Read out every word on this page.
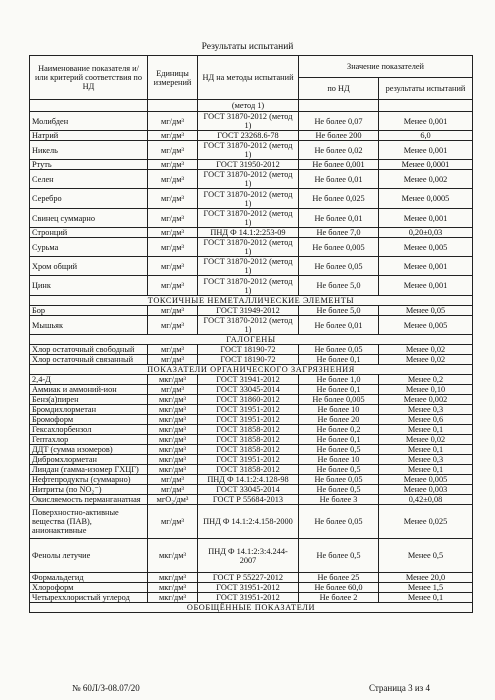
Результаты испытаний
Наименование показателя и/или критерий соответствия по НД	Единицы измерений	НД на методы испытаний	Значение показателей	
			по НД	результаты испытаний
		(метод 1)		
Молибден	мг/дм³	ГОСТ 31870-2012 (метод 1)	Не более 0,07	Менее 0,001
Натрий	мг/дм³	ГОСТ 23268.6-78	Не более 200	6,0
Никель	мг/дм³	ГОСТ 31870-2012 (метод 1)	Не более 0,02	Менее 0,001
Ртуть	мг/дм³	ГОСТ 31950-2012	Не более 0,001	Менее 0,0001
Селен	мг/дм³	ГОСТ 31870-2012 (метод 1)	Не более 0,01	Менее 0,002
Серебро	мг/дм³	ГОСТ 31870-2012 (метод 1)	Не более 0,025	Менее 0,0005
Свинец суммарно	мг/дм³	ГОСТ 31870-2012 (метод 1)	Не более 0,01	Менее 0,001
Стронций	мг/дм³	ПНД Ф 14.1:2:253-09	Не более 7,0	0,20±0,03
Сурьма	мг/дм³	ГОСТ 31870-2012 (метод 1)	Не более 0,005	Менее 0,005
Хром общий	мг/дм³	ГОСТ 31870-2012 (метод 1)	Не более 0,05	Менее 0,001
Цинк	мг/дм³	ГОСТ 31870-2012 (метод 1)	Не более 5,0	Менее 0,001
ТОКСИЧНЫЕ НЕМЕТАЛЛИЧЕСКИЕ ЭЛЕМЕНТЫ				
Бор	мг/дм³	ГОСТ 31949-2012	Не более 5,0	Менее 0,05
Мышьяк	мг/дм³	ГОСТ 31870-2012 (метод 1)	Не более 0,01	Менее 0,005
ГАЛОГЕНЫ				
Хлор остаточный свободный	мг/дм³	ГОСТ 18190-72	Не более 0,05	Менее 0,02
Хлор остаточный связанный	мг/дм³	ГОСТ 18190-72	Не более 0,1	Менее 0,02
ПОКАЗАТЕЛИ ОРГАНИЧЕСКОГО ЗАГРЯЗНЕНИЯ				
2,4-Д	мкг/дм³	ГОСТ 31941-2012	Не более 1,0	Менее 0,2
Аммиак и аммоний-ион	мг/дм³	ГОСТ 33045-2014	Не более 0,1	Менее 0,10
Бенз(а)пирен	мкг/дм³	ГОСТ 31860-2012	Не более 0,005	Менее 0,002
Бромдихлорметан	мкг/дм³	ГОСТ 31951-2012	Не более 10	Менее 0,3
Бромоформ	мкг/дм³	ГОСТ 31951-2012	Не более 20	Менее 0,6
Гексахлорбензол	мкг/дм³	ГОСТ 31858-2012	Не более 0,2	Менее 0,1
Гептахлор	мкг/дм³	ГОСТ 31858-2012	Не более 0,1	Менее 0,02
ДДТ (сумма изомеров)	мкг/дм³	ГОСТ 31858-2012	Не более 0,5	Менее 0,1
Дибромхлорметан	мкг/дм³	ГОСТ 31951-2012	Не более 10	Менее 0,3
Линдан (гамма-изомер ГХЦГ)	мкг/дм³	ГОСТ 31858-2012	Не более 0,5	Менее 0,1
Нефтепродукты (суммарно)	мг/дм³	ПНД Ф 14.1:2:4.128-98	Не более 0,05	Менее 0,005
Нитриты (по NO₂⁻)	мг/дм³	ГОСТ 33045-2014	Не более 0,5	Менее 0,003
Окисляемость перманганатная	мгО₂/дм³	ГОСТ Р 55684-2013	Не более 3	0,42±0,08
Поверхностно-активные вещества (ПАВ), анионактивные	мг/дм³	ПНД Ф 14.1:2:4.158-2000	Не более 0,05	Менее 0,025
Фенолы летучие	мкг/дм³	ПНД Ф 14.1:2:3:4.244-2007	Не более 0,5	Менее 0,5
Формальдегид	мкг/дм³	ГОСТ Р 55227-2012	Не более 25	Менее 20,0
Хлороформ	мкг/дм³	ГОСТ 31951-2012	Не более 60,0	Менее 1,5
Четыреххлористый углерод	мкг/дм³	ГОСТ 31951-2012	Не более 2	Менее 0,1
ОБОБЩЁННЫЕ ПОКАЗАТЕЛИ				
№ 60Л/З-08.07/20	Страница 3 из 4
